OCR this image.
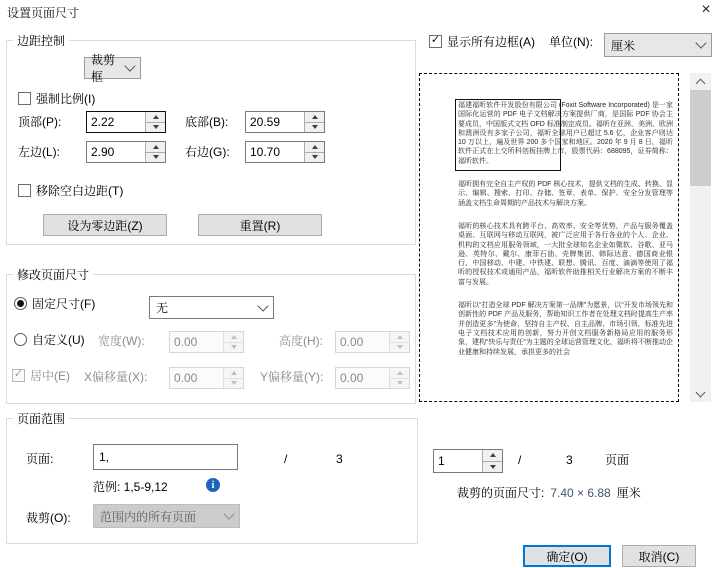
设置页面尺寸	×
边距控制
裁剪框
强制比例(I)
顶部(P):
2.22	底部(B):
20.59
左边(L):
2.90	右边(G):
10.70
移除空白边距(T)
设为零边距(Z)	重置(R)
修改页面尺寸
固定尺寸(F)	无
自定义(U) 宽度(W):
0.00	高度(H):
0.00
✓ 居中(E) X偏移量(X):
0.00	Y偏移量(Y):
0.00
页面范围
页面:
1,	/	3
范例: 1,5-9,12	i
裁剪(O): 范围内的所有页面
✓ 显示所有边框(A) 单位(N): 厘米

福建福昕软件开发股份有限公司 (Foxit Software Incorporated) 是一家国际化运营的 PDF 电子文档解决方案提供厂商，是国际 PDF 协会主要成员，中国版式文档 OFD 标准制定成员。福昕在亚洲、美洲、欧洲和澳洲设有多家子公司，福昕全球用户已超过 5.6 亿，企业客户则达 10 万以上，遍及世界 200 多个国家和地区。2020 年 9 月 8 日，福昕软件正式在上交所科创板挂牌上市，股票代码：688095，证券简称：福昕软件。

福昕拥有完全自主产权的 PDF 核心技术，提供文档的生成、转换、显示、编辑、搜索、打印、存储、签章、表单、保护、安全分发管理等涵盖文档生命周期的产品技术与解决方案。

福昕的核心技术具有跨平台、高效率、安全等优势，产品与服务覆盖桌面、互联网与移动互联网，被广泛应用于各行各业的个人、企业、机构的文档应用服务领域，一大批全球知名企业如微软、谷歌、亚马逊、英特尔、戴尔、康菲石油、壳牌集团、韩际达意、德国商业银行、中国移动、中建、中铁建、联想、腾讯、百度、滴滴等使用了福昕的授权技术或通用产品，福昕软件助推相关行业解决方案的不断丰富与发展。

福昕以“打造全球 PDF 解决方案第一品牌”为愿景，以“开发市场领先和创新性的 PDF 产品及服务，帮助知识工作者在处理文档时提高生产率并创造更多”为使命，坚持自主产权、自主品牌、市场引领，标准先进电子文档技术应用的创新，努力开创文档服务新格局应用的服务形象，建构“快乐与责任”为主题的全球运营管理文化，福昕将不断推动企业健康和持续发展，承担更多的社会

1
/	3	页面
裁剪的页面尺寸: 7.40 × 6.88 厘米
确定(O)	取消(C)
